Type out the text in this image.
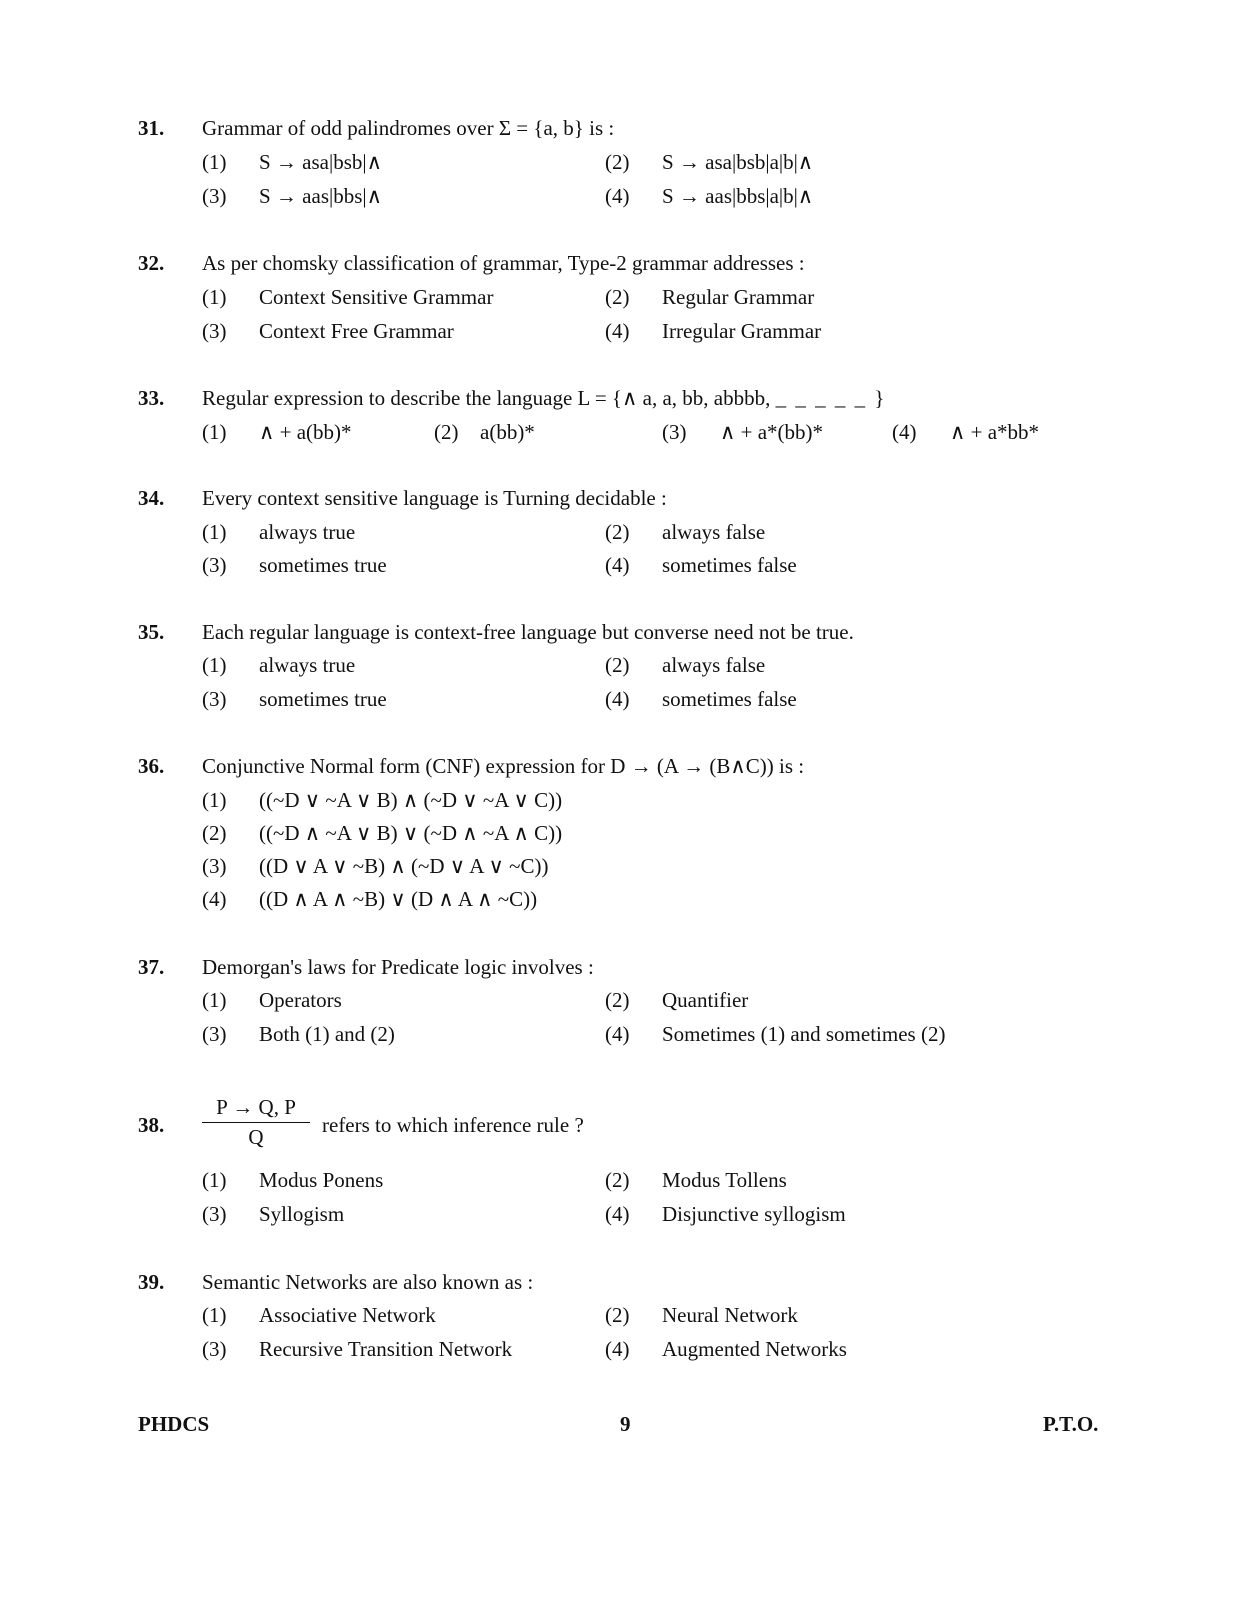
31. Grammar of odd palindromes over Σ = {a, b} is :
(1) S → asa|bsb|∧	(2) S → asa|bsb|a|b|∧
(3) S → aas|bbs|∧	(4) S → aas|bbs|a|b|∧
32. As per chomsky classification of grammar, Type-2 grammar addresses :
(1) Context Sensitive Grammar	(2) Regular Grammar
(3) Context Free Grammar	(4) Irregular Grammar
33. Regular expression to describe the language L = {∧ a, a, bb, abbbb, _ _ _ _ _ }
(1) ∧ + a(bb)*	(2) a(bb)*	(3) ∧ + a*(bb)*	(4) ∧ + a*bb*
34. Every context sensitive language is Turning decidable :
(1) always true	(2) always false
(3) sometimes true	(4) sometimes false
35. Each regular language is context-free language but converse need not be true.
(1) always true	(2) always false
(3) sometimes true	(4) sometimes false
36. Conjunctive Normal form (CNF) expression for D → (A → (B∧C)) is :
(1) ((~D ∨ ~A ∨ B) ∧ (~D ∨ ~A ∨ C))
(2) ((~D ∧ ~A ∨ B) ∨ (~D ∧ ~A ∧ C))
(3) ((D ∨ A ∨ ~B) ∧ (~D ∨ A ∨ ~C))
(4) ((D ∧ A ∧ ~B) ∨ (D ∧ A ∧ ~C))
37. Demorgan's laws for Predicate logic involves :
(1) Operators	(2) Quantifier
(3) Both (1) and (2)	(4) Sometimes (1) and sometimes (2)
38. $\frac{P \to Q, P}{Q}$ refers to which inference rule ?
(1) Modus Ponens	(2) Modus Tollens
(3) Syllogism	(4) Disjunctive syllogism
39. Semantic Networks are also known as :
(1) Associative Network	(2) Neural Network
(3) Recursive Transition Network	(4) Augmented Networks
PHDCS	9	P.T.O.
